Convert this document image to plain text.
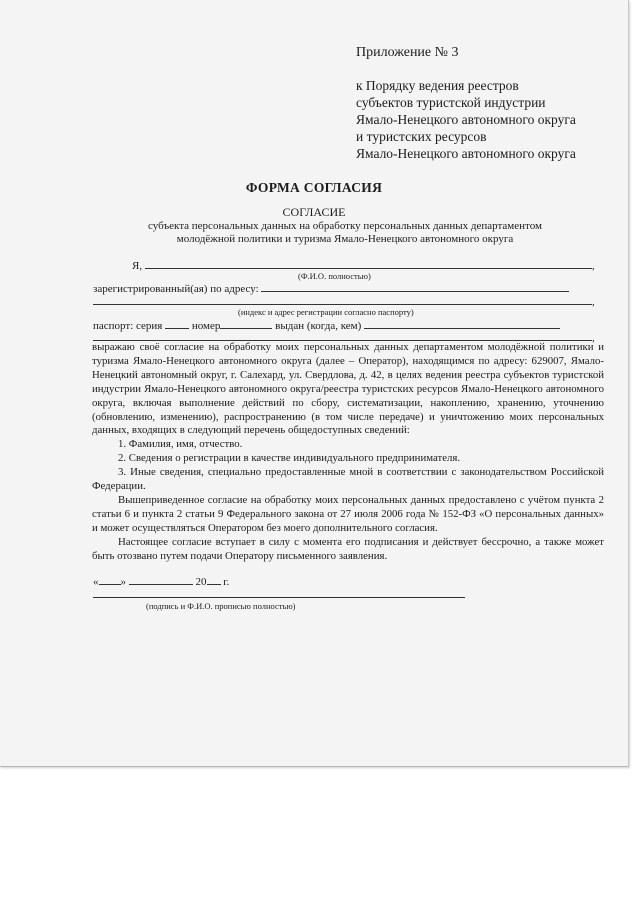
Приложение № 3
к Порядку ведения реестров
субъектов туристской индустрии
Ямало-Ненецкого автономного округа
и туристских ресурсов
Ямало-Ненецкого автономного округа
ФОРМА СОГЛАСИЯ
СОГЛАСИЕ
субъекта персональных данных на обработку персональных данных департаментом
молодёжной политики и туризма Ямало-Ненецкого автономного округа
Я,	,
(Ф.И.О. полностью)
зарегистрированный(ая) по адресу:
,
(индекс и адрес регистрации согласно паспорту)
паспорт: серия	номер	выдан (когда, кем)
,

выражаю своё согласие на обработку моих персональных данных департаментом молодёжной политики и туризма Ямало-Ненецкого автономного округа (далее – Оператор), находящимся по адресу: 629007, Ямало-Ненецкий автономный округ, г. Салехард, ул. Свердлова, д. 42, в целях ведения реестра субъектов туристской индустрии Ямало-Ненецкого автономного округа/реестра туристских ресурсов Ямало-Ненецкого автономного округа, включая выполнение действий по сбору, систематизации, накоплению, хранению, уточнению (обновлению, изменению), распространению (в том числе передаче) и уничтожению моих персональных данных, входящих в следующий перечень общедоступных сведений:

1. Фамилия, имя, отчество.

2. Сведения о регистрации в качестве индивидуального предпринимателя.

3. Иные сведения, специально предоставленные мной в соответствии с законодательством Российской Федерации.

Вышеприведенное согласие на обработку моих персональных данных предоставлено с учётом пункта 2 статьи 6 и пункта 2 статьи 9 Федерального закона от 27 июля 2006 года № 152-ФЗ «О персональных данных» и может осуществляться Оператором без моего дополнительного согласия.

Настоящее согласие вступает в силу с момента его подписания и действует бессрочно, а также может быть отозвано путем подачи Оператору письменного заявления.

« »	20 г.
(подпись и Ф.И.О. прописью полностью)
